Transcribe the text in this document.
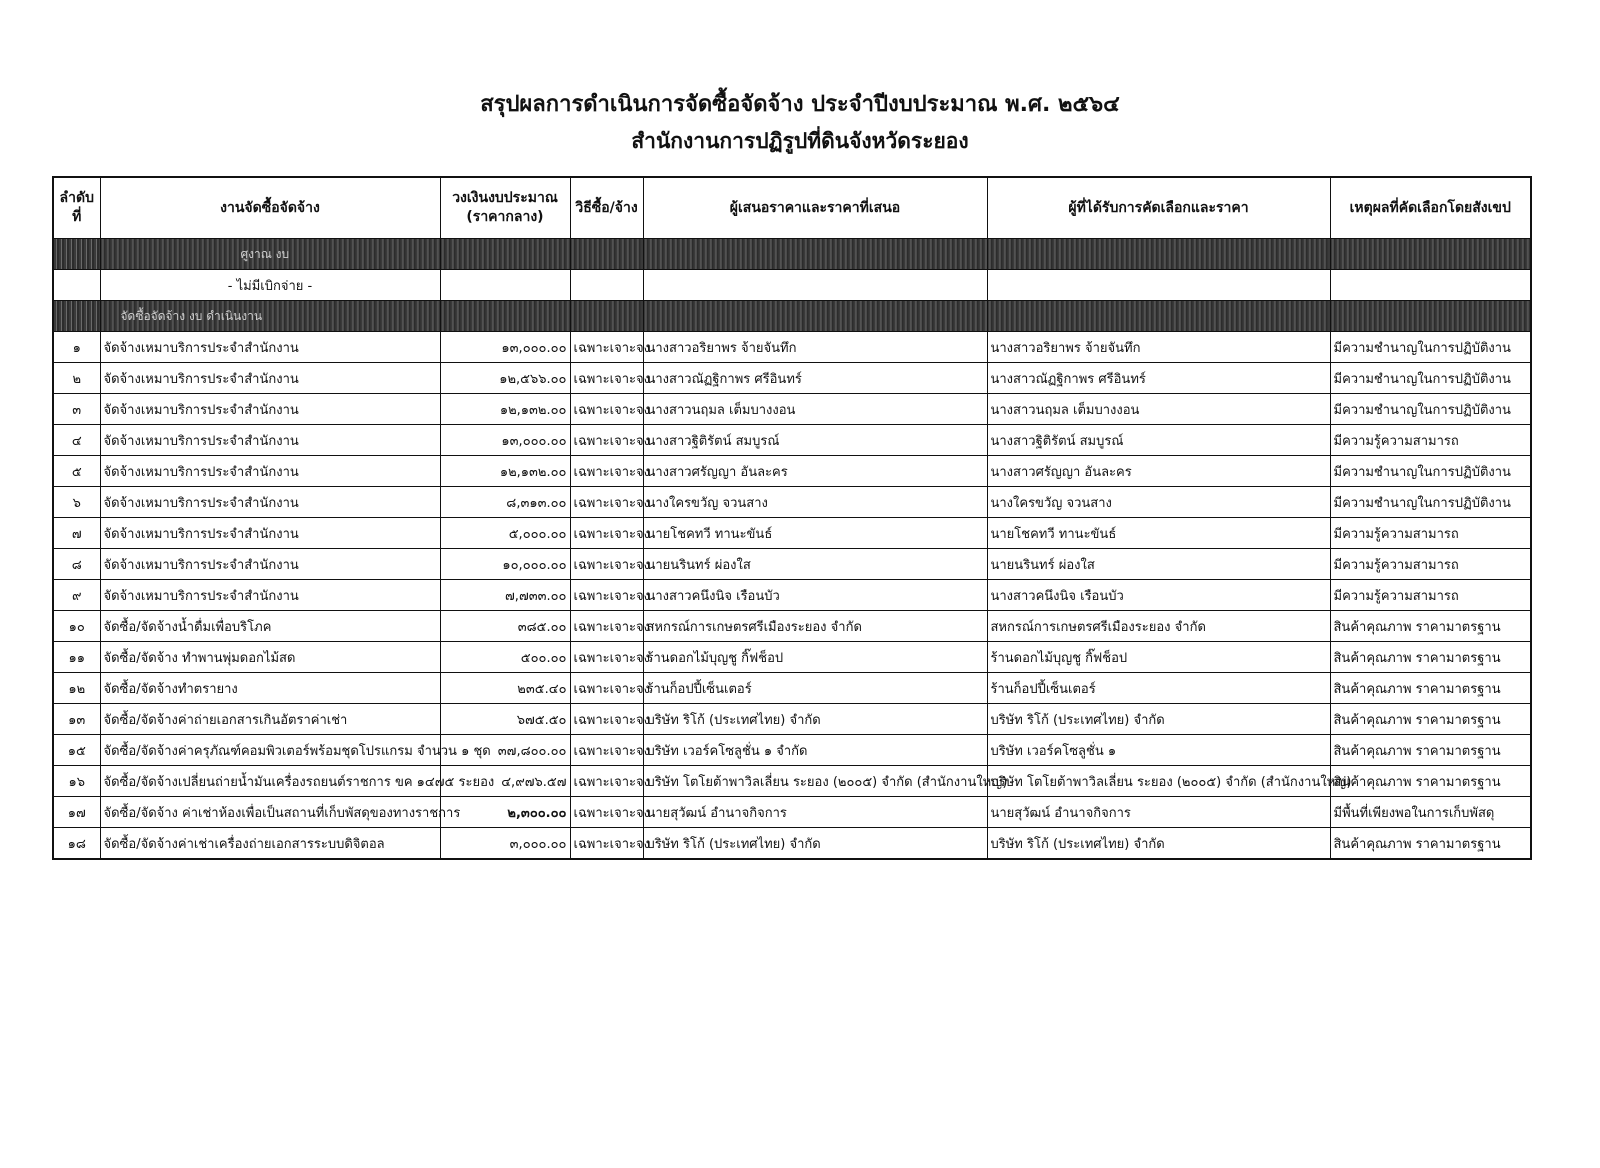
สรุปผลการดำเนินการจัดซื้อจัดจ้าง ประจำปีงบประมาณ พ.ศ. ๒๕๖๔
สำนักงานการปฏิรูปที่ดินจังหวัดระยอง
ลำดับ ที่	งานจัดซื้อจัดจ้าง	วงเงินงบประมาณ (ราคากลาง)	วิธีซื้อ/จ้าง	ผู้เสนอราคาและราคาที่เสนอ	ผู้ที่ได้รับการคัดเลือกและราคา	เหตุผลที่คัดเลือกโดยสังเขป
	ศูงาณ งบ					
	- ไม่มีเบิกจ่าย -					
	จัดซื้อจัดจ้าง งบ ดำเนินงาน					
๑	จัดจ้างเหมาบริการประจำสำนักงาน	๑๓,๐๐๐.๐๐	เฉพาะเจาะจง	นางสาวอริยาพร จ้ายจันทึก	นางสาวอริยาพร จ้ายจันทึก	มีความชำนาญในการปฏิบัติงาน
๒	จัดจ้างเหมาบริการประจำสำนักงาน	๑๒,๕๖๖.๐๐	เฉพาะเจาะจง	นางสาวณัฏฐิกาพร ศรีอินทร์	นางสาวณัฏฐิกาพร ศรีอินทร์	มีความชำนาญในการปฏิบัติงาน
๓	จัดจ้างเหมาบริการประจำสำนักงาน	๑๒,๑๓๒.๐๐	เฉพาะเจาะจง	นางสาวนฤมล เต็มบางงอน	นางสาวนฤมล เต็มบางงอน	มีความชำนาญในการปฏิบัติงาน
๔	จัดจ้างเหมาบริการประจำสำนักงาน	๑๓,๐๐๐.๐๐	เฉพาะเจาะจง	นางสาวฐิติรัตน์ สมบูรณ์	นางสาวฐิติรัตน์ สมบูรณ์	มีความรู้ความสามารถ
๕	จัดจ้างเหมาบริการประจำสำนักงาน	๑๒,๑๓๒.๐๐	เฉพาะเจาะจง	นางสาวศรัญญา อันละคร	นางสาวศรัญญา อันละคร	มีความชำนาญในการปฏิบัติงาน
๖	จัดจ้างเหมาบริการประจำสำนักงาน	๘,๓๑๓.๐๐	เฉพาะเจาะจง	นางใครขวัญ จวนสาง	นางใครขวัญ จวนสาง	มีความชำนาญในการปฏิบัติงาน
๗	จัดจ้างเหมาบริการประจำสำนักงาน	๕,๐๐๐.๐๐	เฉพาะเจาะจง	นายโชคทวี ทานะขันธ์	นายโชคทวี ทานะขันธ์	มีความรู้ความสามารถ
๘	จัดจ้างเหมาบริการประจำสำนักงาน	๑๐,๐๐๐.๐๐	เฉพาะเจาะจง	นายนรินทร์ ผ่องใส	นายนรินทร์ ผ่องใส	มีความรู้ความสามารถ
๙	จัดจ้างเหมาบริการประจำสำนักงาน	๗,๗๓๓.๐๐	เฉพาะเจาะจง	นางสาวคนึงนิจ เรือนบัว	นางสาวคนึงนิจ เรือนบัว	มีความรู้ความสามารถ
๑๐	จัดซื้อ/จัดจ้างน้ำดื่มเพื่อบริโภค	๓๘๕.๐๐	เฉพาะเจาะจง	สหกรณ์การเกษตรศรีเมืองระยอง จำกัด	สหกรณ์การเกษตรศรีเมืองระยอง จำกัด	สินค้าคุณภาพ ราคามาตรฐาน
๑๑	จัดซื้อ/จัดจ้าง ทำพานพุ่มดอกไม้สด	๕๐๐.๐๐	เฉพาะเจาะจง	ร้านดอกไม้บุญชู กิ๊ฟช็อป	ร้านดอกไม้บุญชู กิ๊ฟช็อป	สินค้าคุณภาพ ราคามาตรฐาน
๑๒	จัดซื้อ/จัดจ้างทำตรายาง	๒๓๕.๔๐	เฉพาะเจาะจง	ร้านก็อปปี้เซ็นเตอร์	ร้านก็อปปี้เซ็นเตอร์	สินค้าคุณภาพ ราคามาตรฐาน
๑๓	จัดซื้อ/จัดจ้างค่าถ่ายเอกสารเกินอัตราค่าเช่า	๖๗๕.๕๐	เฉพาะเจาะจง	บริษัท ริโก้ (ประเทศไทย) จำกัด	บริษัท ริโก้ (ประเทศไทย) จำกัด	สินค้าคุณภาพ ราคามาตรฐาน
๑๕	จัดซื้อ/จัดจ้างค่าครุภัณฑ์คอมพิวเตอร์พร้อมชุดโปรแกรม จำนวน ๑ ชุด	๓๗,๘๐๐.๐๐	เฉพาะเจาะจง	บริษัท เวอร์คโซลูชั่น ๑ จำกัด	บริษัท เวอร์คโซลูชั่น ๑	สินค้าคุณภาพ ราคามาตรฐาน
๑๖	จัดซื้อ/จัดจ้างเปลี่ยนถ่ายน้ำมันเครื่องรถยนต์ราชการ ขค ๑๔๗๕ ระยอง	๔,๙๗๖.๕๗	เฉพาะเจาะจง	บริษัท โตโยต้าพาวิลเลี่ยน ระยอง (๒๐๐๕) จำกัด (สำนักงานใหญ่)	บริษัท โตโยต้าพาวิลเลี่ยน ระยอง (๒๐๐๕) จำกัด (สำนักงานใหญ่)	สินค้าคุณภาพ ราคามาตรฐาน
๑๗	จัดซื้อ/จัดจ้าง ค่าเช่าห้องเพื่อเป็นสถานที่เก็บพัสดุของทางราชการ	๒,๓๐๐.๐๐	เฉพาะเจาะจง	นายสุวัฒน์ อำนาจกิจการ	นายสุวัฒน์ อำนาจกิจการ	มีพื้นที่เพียงพอในการเก็บพัสดุ
๑๘	จัดซื้อ/จัดจ้างค่าเช่าเครื่องถ่ายเอกสารระบบดิจิตอล	๓,๐๐๐.๐๐	เฉพาะเจาะจง	บริษัท ริโก้ (ประเทศไทย) จำกัด	บริษัท ริโก้ (ประเทศไทย) จำกัด	สินค้าคุณภาพ ราคามาตรฐาน
